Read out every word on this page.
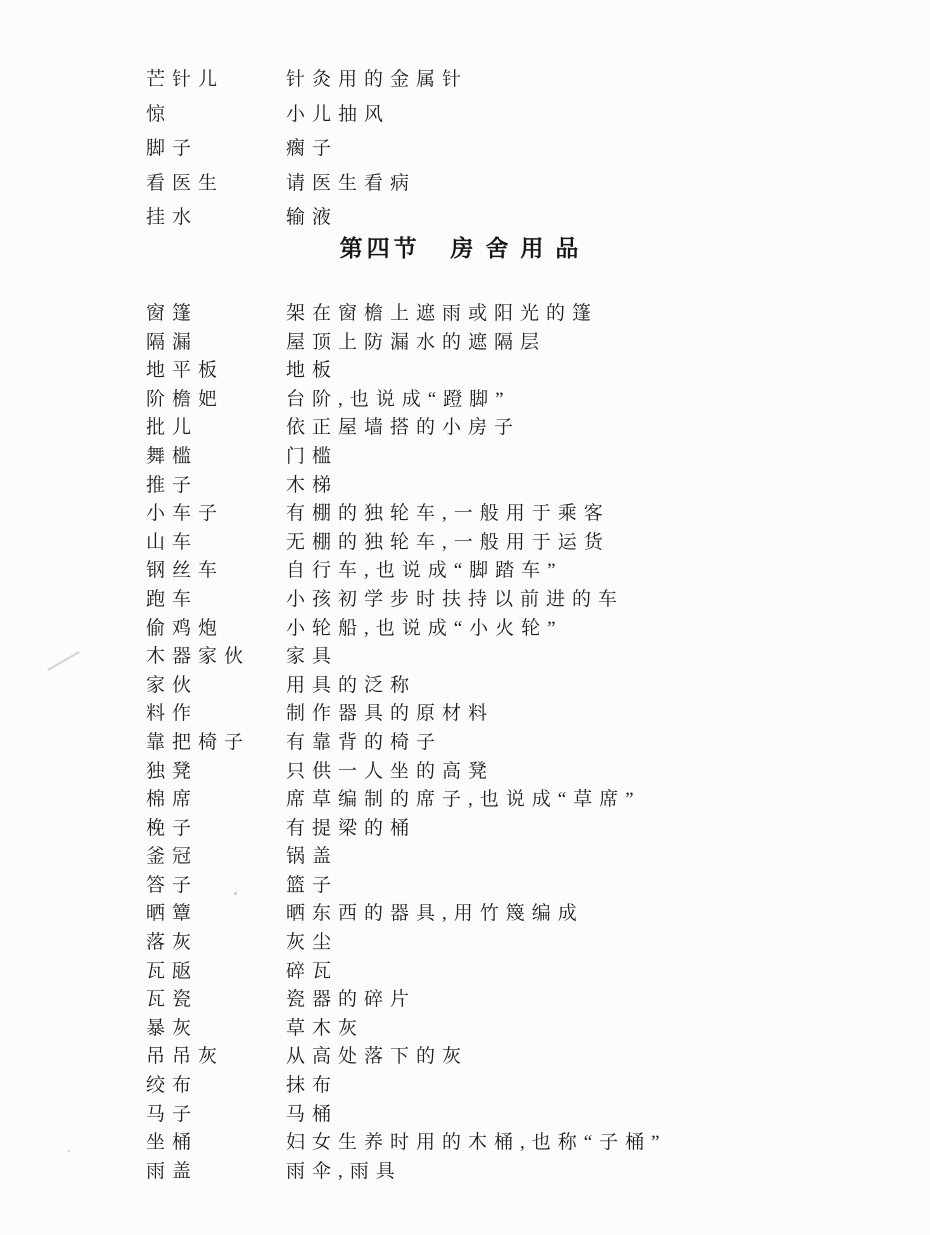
芒针儿	针灸用的金属针
惊	小儿抽风
脚子	瘸子
看医生	请医生看病
挂水	输液
第四节 房舍用品
窗篷	架在窗檐上遮雨或阳光的篷
隔漏	屋顶上防漏水的遮隔层
地平板	地板
阶檐妑	台阶,也说成“蹬脚”
批儿	依正屋墙搭的小房子
舞槛	门槛
推子	木梯
小车子	有棚的独轮车,一般用于乘客
山车	无棚的独轮车,一般用于运货
钢丝车	自行车,也说成“脚踏车”
跑车	小孩初学步时扶持以前进的车
偷鸡炮	小轮船,也说成“小火轮”
木器家伙	家具
家伙	用具的泛称
料作	制作器具的原材料
靠把椅子	有靠背的椅子
独凳	只供一人坐的高凳
棉席	席草编制的席子,也说成“草席”
梚子	有提梁的桶
釜冠	锅盖
答子	篮子
晒簟	晒东西的器具,用竹篾编成
落灰	灰尘
瓦瓪	碎瓦
瓦瓷	瓷器的碎片
暴灰	草木灰
吊吊灰	从高处落下的灰
绞布	抹布
马子	马桶
坐桶	妇女生养时用的木桶,也称“子桶”
雨盖	雨伞,雨具
